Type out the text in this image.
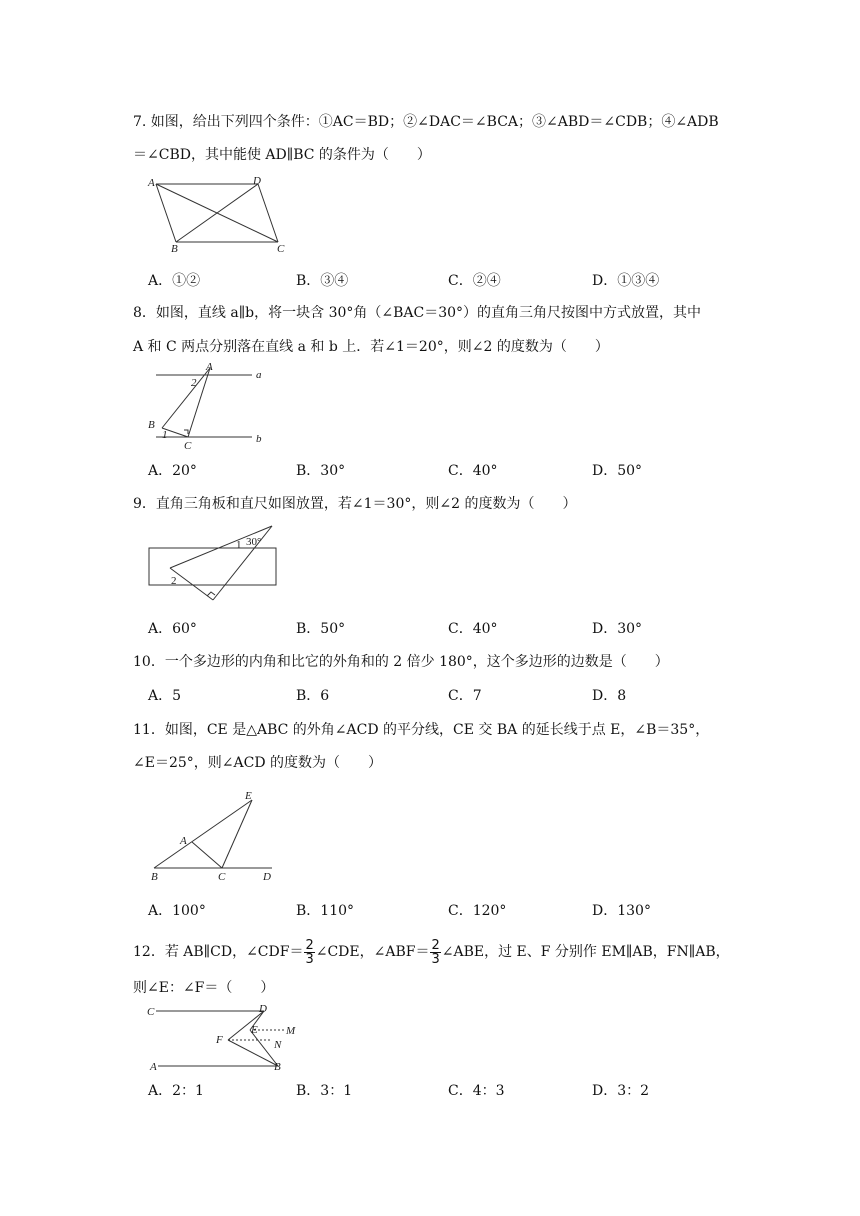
7. 如图，给出下列四个条件：①AC＝BD；②∠DAC＝∠BCA；③∠ABD＝∠CDB；④∠ADB
＝∠CBD，其中能使 AD∥BC 的条件为（　　）
A	D
B	C
A．①②	B．③④	C．②④	D．①③④
8．如图，直线 a∥b，将一块含 30°角（∠BAC＝30°）的直角三角尺按图中方式放置，其中
A 和 C 两点分别落在直线 a 和 b 上．若∠1＝20°，则∠2 的度数为（　　）
A
a
b
B
C
1
2
A．20°	B．30°	C．40°	D．50°
9．直角三角板和直尺如图放置，若∠1＝30°，则∠2 的度数为（　　）
1 30°
2
A．60°	B．50°	C．40°	D．30°
10．一个多边形的内角和比它的外角和的 2 倍少 180°，这个多边形的边数是（　　）
A．5	B．6	C．7	D．8
11．如图，CE 是△ABC 的外角∠ACD 的平分线，CE 交 BA 的延长线于点 E，∠B＝35°，
∠E＝25°，则∠ACD 的度数为（　　）
E
A
B	C	D
A．100°	B．110°	C．120°	D．130°
12．若 AB∥CD，∠CDF＝ $\frac{2}{3}$ ∠CDE，∠ABF＝ $\frac{2}{3}$ ∠ABE，过 E、F 分别作 EM∥AB，FN∥AB，
则∠E：∠F＝（　　）
C	D
E	M
F	N
A	B
A．2：1	B．3：1	C．4：3	D．3：2
